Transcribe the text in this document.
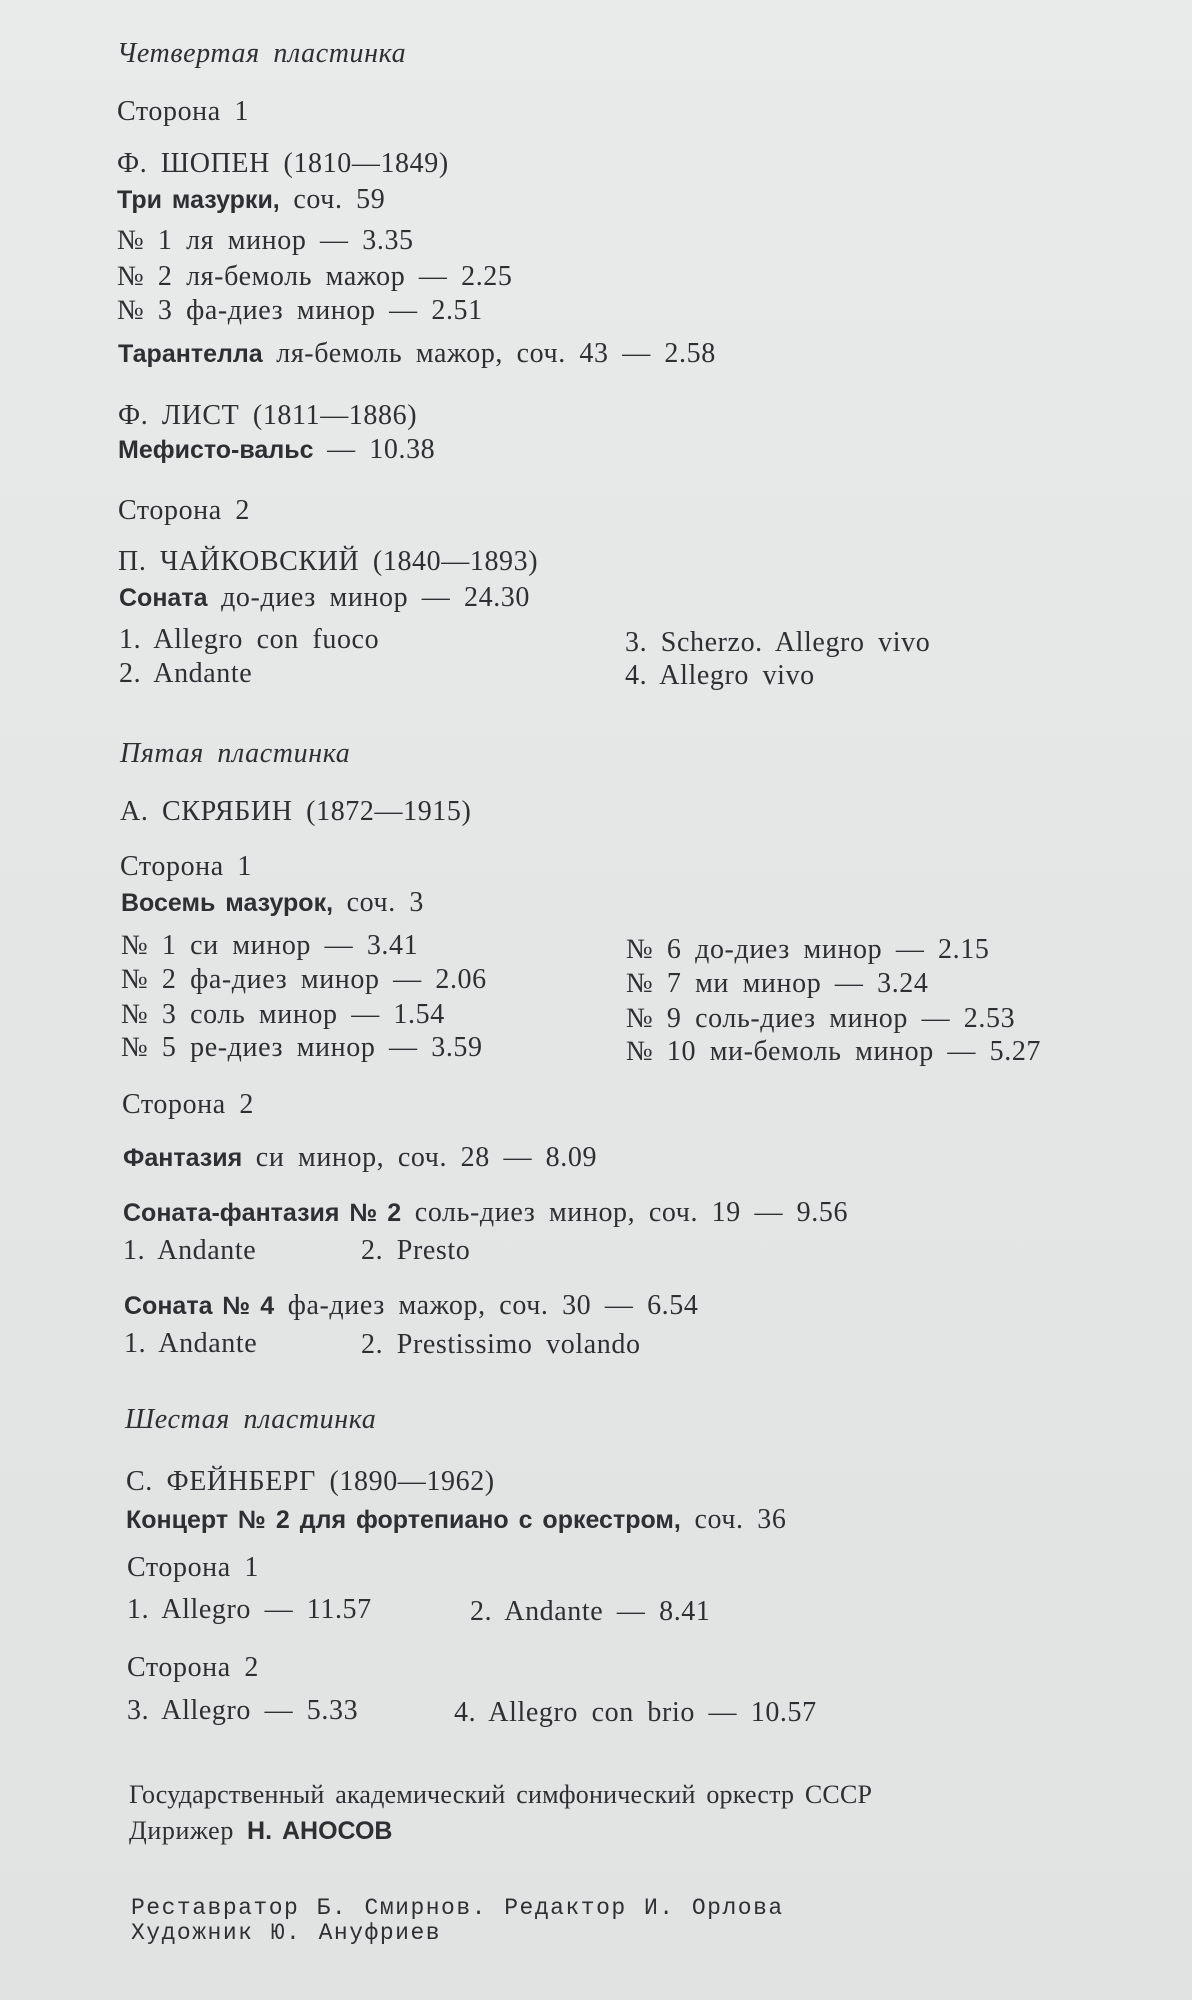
Четвертая пластинка
Сторона 1
Ф. ШОПЕН (1810—1849)
Три мазурки, соч. 59
№ 1 ля минор — 3.35
№ 2 ля-бемоль мажор — 2.25
№ 3 фа-диез минор — 2.51
Тарантелла ля-бемоль мажор, соч. 43 — 2.58
Ф. ЛИСТ (1811—1886)
Мефисто-вальс — 10.38
Сторона 2
П. ЧАЙКОВСКИЙ (1840—1893)
Соната до-диез минор — 24.30
1. Allegro con fuoco
2. Andante
3. Scherzo. Allegro vivo
4. Allegro vivo
Пятая пластинка
А. СКРЯБИН (1872—1915)
Сторона 1
Восемь мазурок, соч. 3
№ 1 си минор — 3.41
№ 2 фа-диез минор — 2.06
№ 3 соль минор — 1.54
№ 5 ре-диез минор — 3.59
№ 6 до-диез минор — 2.15
№ 7 ми минор — 3.24
№ 9 соль-диез минор — 2.53
№ 10 ми-бемоль минор — 5.27
Сторона 2
Фантазия си минор, соч. 28 — 8.09
Соната-фантазия № 2 соль-диез минор, соч. 19 — 9.56
1. Andante	2. Presto
Соната № 4 фа-диез мажор, соч. 30 — 6.54
1. Andante	2. Prestissimo volando
Шестая пластинка
С. ФЕЙНБЕРГ (1890—1962)
Концерт № 2 для фортепиано с оркестром, соч. 36
Сторона 1
1. Allegro — 11.57	2. Andante — 8.41
Сторона 2
3. Allegro — 5.33	4. Allegro con brio — 10.57
Государственный академический симфонический оркестр СССР
Дирижер Н. АНОСОВ
Реставратор Б. Смирнов. Редактор И. Орлова
Художник Ю. Ануфриев
